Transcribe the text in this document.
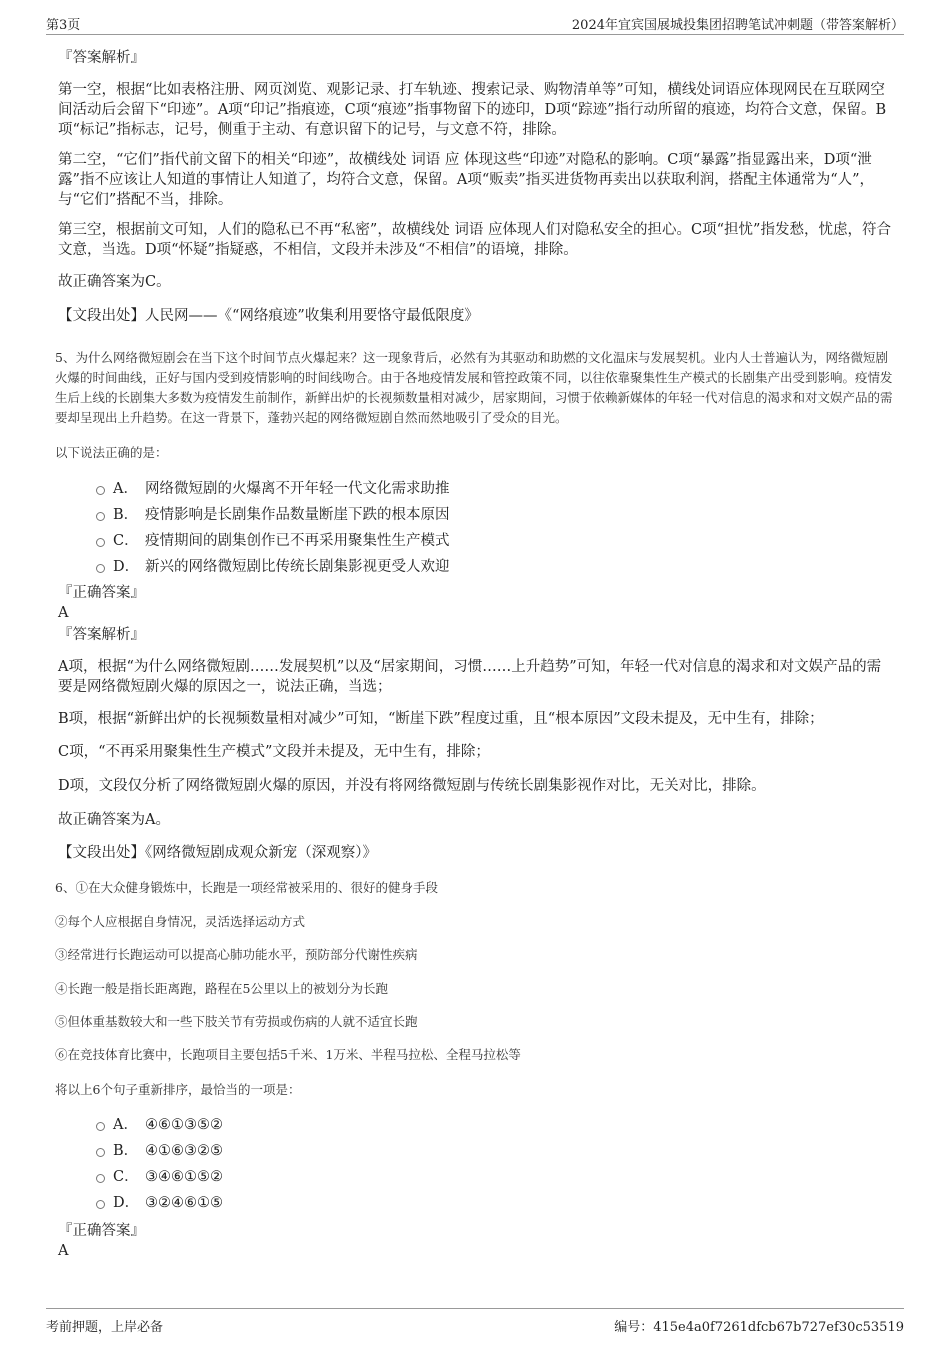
第3页	2024年宜宾国展城投集团招聘笔试冲刺题（带答案解析）

『答案解析』

第一空，根据“比如表格注册、网页浏览、观影记录、打车轨迹、搜索记录、购物清单等”可知，横线处词语应体现网民在互联网空间活动后会留下“印迹”。A项“印记”指痕迹，C项“痕迹”指事物留下的迹印，D项“踪迹”指行动所留的痕迹，均符合文意，保留。B项“标记”指标志，记号，侧重于主动、有意识留下的记号，与文意不符，排除。

第二空，“它们”指代前文留下的相关“印迹”，故横线处 词语 应 体现这些“印迹”对隐私的影响。C项“暴露”指显露出来，D项“泄露”指不应该让人知道的事情让人知道了，均符合文意，保留。A项“贩卖”指买进货物再卖出以获取利润，搭配主体通常为“人”，与“它们”搭配不当，排除。

第三空，根据前文可知，人们的隐私已不再“私密”，故横线处 词语 应体现人们对隐私安全的担心。C项“担忧”指发愁，忧虑，符合文意，当选。D项“怀疑”指疑惑，不相信，文段并未涉及“不相信”的语境，排除。

故正确答案为C。

【文段出处】人民网——《“网络痕迹”收集利用要恪守最低限度》

5、为什么网络微短剧会在当下这个时间节点火爆起来？这一现象背后，必然有为其驱动和助燃的文化温床与发展契机。业内人士普遍认为，网络微短剧火爆的时间曲线，正好与国内受到疫情影响的时间线吻合。由于各地疫情发展和管控政策不同，以往依靠聚集性生产模式的长剧集产出受到影响。疫情发生后上线的长剧集大多数为疫情发生前制作，新鲜出炉的长视频数量相对减少，居家期间，习惯于依赖新媒体的年轻一代对信息的渴求和对文娱产品的需要却呈现出上升趋势。在这一背景下，蓬勃兴起的网络微短剧自然而然地吸引了受众的目光。

以下说法正确的是：

A． 网络微短剧的火爆离不开年轻一代文化需求助推
B． 疫情影响是长剧集作品数量断崖下跌的根本原因
C． 疫情期间的剧集创作已不再采用聚集性生产模式
D． 新兴的网络微短剧比传统长剧集影视更受人欢迎

『正确答案』

A

『答案解析』

A项，根据“为什么网络微短剧……发展契机”以及“居家期间，习惯……上升趋势”可知，年轻一代对信息的渴求和对文娱产品的需要是网络微短剧火爆的原因之一，说法正确，当选；

B项，根据“新鲜出炉的长视频数量相对减少”可知，“断崖下跌”程度过重，且“根本原因”文段未提及，无中生有，排除；

C项，“不再采用聚集性生产模式”文段并未提及，无中生有，排除；

D项，文段仅分析了网络微短剧火爆的原因，并没有将网络微短剧与传统长剧集影视作对比，无关对比，排除。

故正确答案为A。

【文段出处】《网络微短剧成观众新宠（深观察）》

6、①在大众健身锻炼中，长跑是一项经常被采用的、很好的健身手段

②每个人应根据自身情况，灵活选择运动方式

③经常进行长跑运动可以提高心肺功能水平，预防部分代谢性疾病

④长跑一般是指长距离跑，路程在5公里以上的被划分为长跑

⑤但体重基数较大和一些下肢关节有劳损或伤病的人就不适宜长跑

⑥在竞技体育比赛中，长跑项目主要包括5千米、1万米、半程马拉松、全程马拉松等

将以上6个句子重新排序，最恰当的一项是：

A． ④⑥①③⑤②
B． ④①⑥③②⑤
C． ③④⑥①⑤②
D． ③②④⑥①⑤

『正确答案』

A

考前押题，上岸必备	编号：415e4a0f7261dfcb67b727ef30c53519
